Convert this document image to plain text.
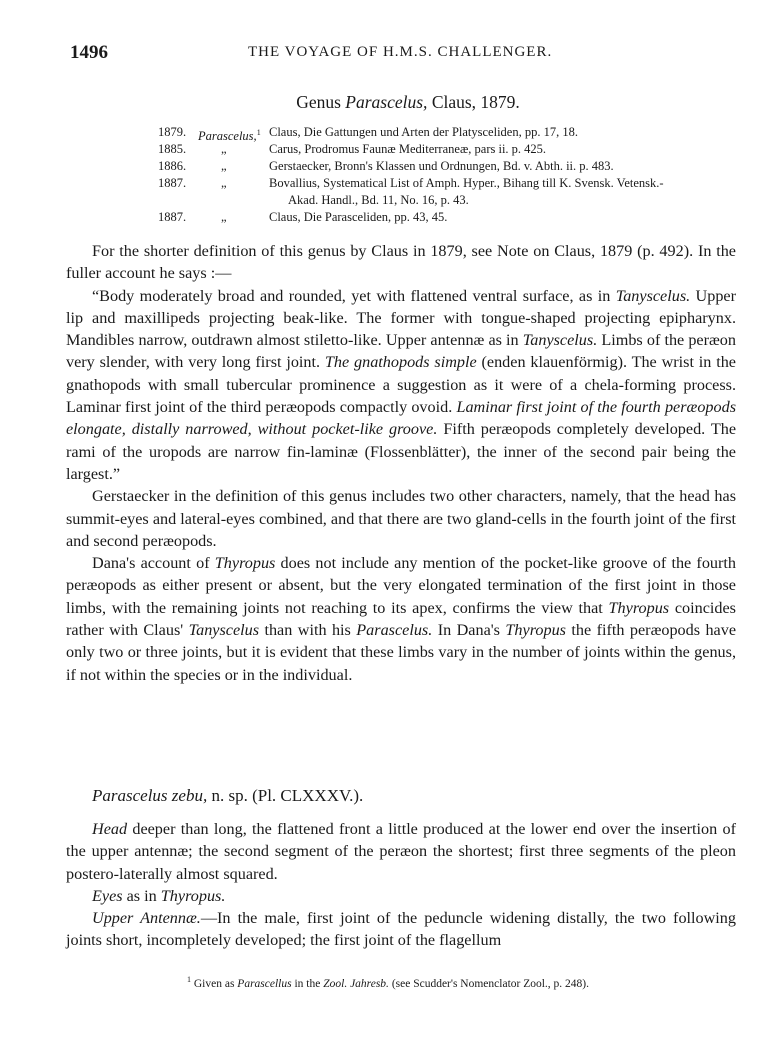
1496	THE VOYAGE OF H.M.S. CHALLENGER.
Genus Parascelus, Claus, 1879.
1879. Parascelus,$^1$ Claus, Die Gattungen und Arten der Platysceliden, pp. 17, 18.
1885.	„	Carus, Prodromus Faunæ Mediterraneæ, pars ii. p. 425.
1886.	„	Gerstaecker, Bronn's Klassen und Ordnungen, Bd. v. Abth. ii. p. 483.
1887.	„	Bovallius, Systematical List of Amph. Hyper., Bihang till K. Svensk. Vetensk.-
Akad. Handl., Bd. 11, No. 16, p. 43.
1887.	„	Claus, Die Parasceliden, pp. 43, 45.

For the shorter definition of this genus by Claus in 1879, see Note on Claus, 1879 (p. 492). In the fuller account he says :—

“Body moderately broad and rounded, yet with flattened ventral surface, as in Tanyscelus. Upper lip and maxillipeds projecting beak-like. The former with tongue-shaped projecting epipharynx. Mandibles narrow, outdrawn almost stiletto-like. Upper antennæ as in Tanyscelus. Limbs of the peræon very slender, with very long first joint. The gnathopods simple (enden klauenförmig). The wrist in the gnathopods with small tubercular prominence a suggestion as it were of a chela-forming process. Laminar first joint of the third peræopods compactly ovoid. Laminar first joint of the fourth peræopods elongate, distally narrowed, without pocket-like groove. Fifth peræopods completely developed. The rami of the uropods are narrow fin-laminæ (Flossenblätter), the inner of the second pair being the largest.”

Gerstaecker in the definition of this genus includes two other characters, namely, that the head has summit-eyes and lateral-eyes combined, and that there are two gland-cells in the fourth joint of the first and second peræopods.

Dana's account of Thyropus does not include any mention of the pocket-like groove of the fourth peræopods as either present or absent, but the very elongated termination of the first joint in those limbs, with the remaining joints not reaching to its apex, confirms the view that Thyropus coincides rather with Claus' Tanyscelus than with his Parascelus. In Dana's Thyropus the fifth peræopods have only two or three joints, but it is evident that these limbs vary in the number of joints within the genus, if not within the species or in the individual.

Parascelus zebu, n. sp. (Pl. CLXXXV.).

Head deeper than long, the flattened front a little produced at the lower end over the insertion of the upper antennæ; the second segment of the peræon the shortest; first three segments of the pleon postero-laterally almost squared.

Eyes as in Thyropus.

Upper Antennæ.—In the male, first joint of the peduncle widening distally, the two following joints short, incompletely developed; the first joint of the flagellum

$^1$ Given as Parascellus in the Zool. Jahresb. (see Scudder's Nomenclator Zool., p. 248).
